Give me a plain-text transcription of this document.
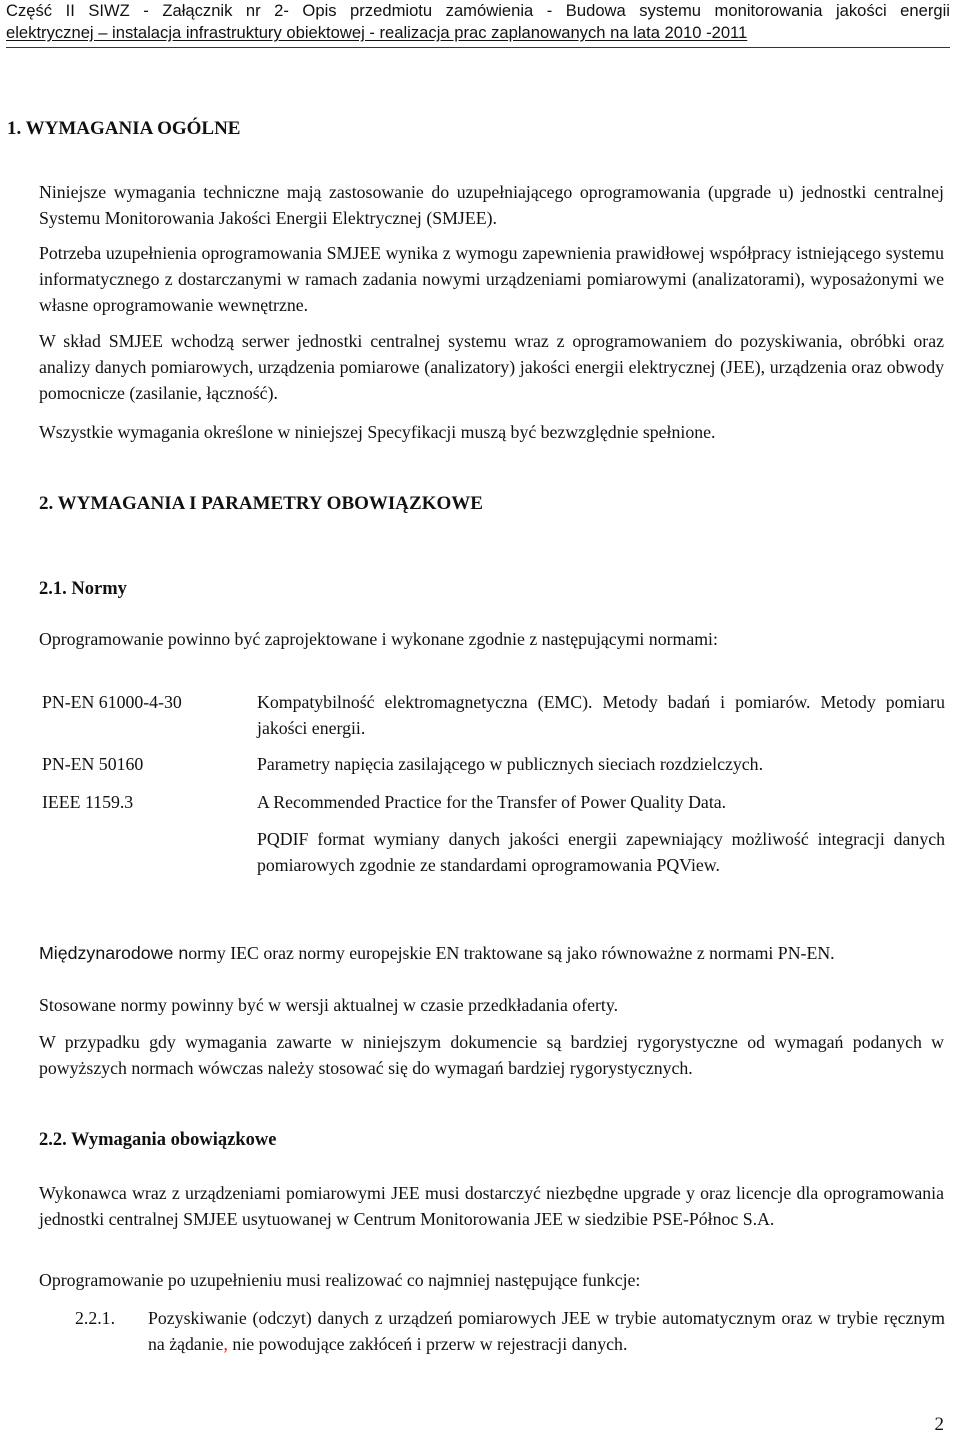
Część II SIWZ - Załącznik nr 2- Opis przedmiotu zamówienia - Budowa systemu monitorowania jakości energii
elektrycznej – instalacja infrastruktury obiektowej - realizacja prac zaplanowanych na lata 2010 -2011
1. WYMAGANIA OGÓLNE
Niniejsze wymagania techniczne mają zastosowanie do uzupełniającego oprogramowania (upgrade u) jednostki centralnej Systemu Monitorowania Jakości Energii Elektrycznej (SMJEE).
Potrzeba uzupełnienia oprogramowania SMJEE wynika z wymogu zapewnienia prawidłowej współpracy istniejącego systemu informatycznego z dostarczanymi w ramach zadania nowymi urządzeniami pomiarowymi (analizatorami), wyposażonymi we własne oprogramowanie wewnętrzne.
W skład SMJEE wchodzą serwer jednostki centralnej systemu wraz z oprogramowaniem do pozyskiwania, obróbki oraz analizy danych pomiarowych, urządzenia pomiarowe (analizatory) jakości energii elektrycznej (JEE), urządzenia oraz obwody pomocnicze (zasilanie, łączność).
Wszystkie wymagania określone w niniejszej Specyfikacji muszą być bezwzględnie spełnione.
2. WYMAGANIA I PARAMETRY OBOWIĄZKOWE
2.1. Normy
Oprogramowanie powinno być zaprojektowane i wykonane zgodnie z następującymi normami:
PN-EN 61000-4-30	Kompatybilność elektromagnetyczna (EMC). Metody badań i pomiarów. Metody pomiaru jakości energii.
PN-EN 50160	Parametry napięcia zasilającego w publicznych sieciach rozdzielczych.
IEEE 1159.3	A Recommended Practice for the Transfer of Power Quality Data.
PQDIF format wymiany danych jakości energii zapewniający możliwość integracji danych pomiarowych zgodnie ze standardami oprogramowania PQView.
Międzynarodowe normy IEC oraz normy europejskie EN traktowane są jako równoważne z normami PN-EN.
Stosowane normy powinny być w wersji aktualnej w czasie przedkładania oferty.
W przypadku gdy wymagania zawarte w niniejszym dokumencie są bardziej rygorystyczne od wymagań podanych w powyższych normach wówczas należy stosować się do wymagań bardziej rygorystycznych.
2.2. Wymagania obowiązkowe
Wykonawca wraz z urządzeniami pomiarowymi JEE musi dostarczyć niezbędne upgrade y oraz licencje dla oprogramowania jednostki centralnej SMJEE usytuowanej w Centrum Monitorowania JEE w siedzibie PSE-Północ S.A.
Oprogramowanie po uzupełnieniu musi realizować co najmniej następujące funkcje:
2.2.1. Pozyskiwanie (odczyt) danych z urządzeń pomiarowych JEE w trybie automatycznym oraz w trybie ręcznym na żądanie, nie powodujące zakłóceń i przerw w rejestracji danych.
2
